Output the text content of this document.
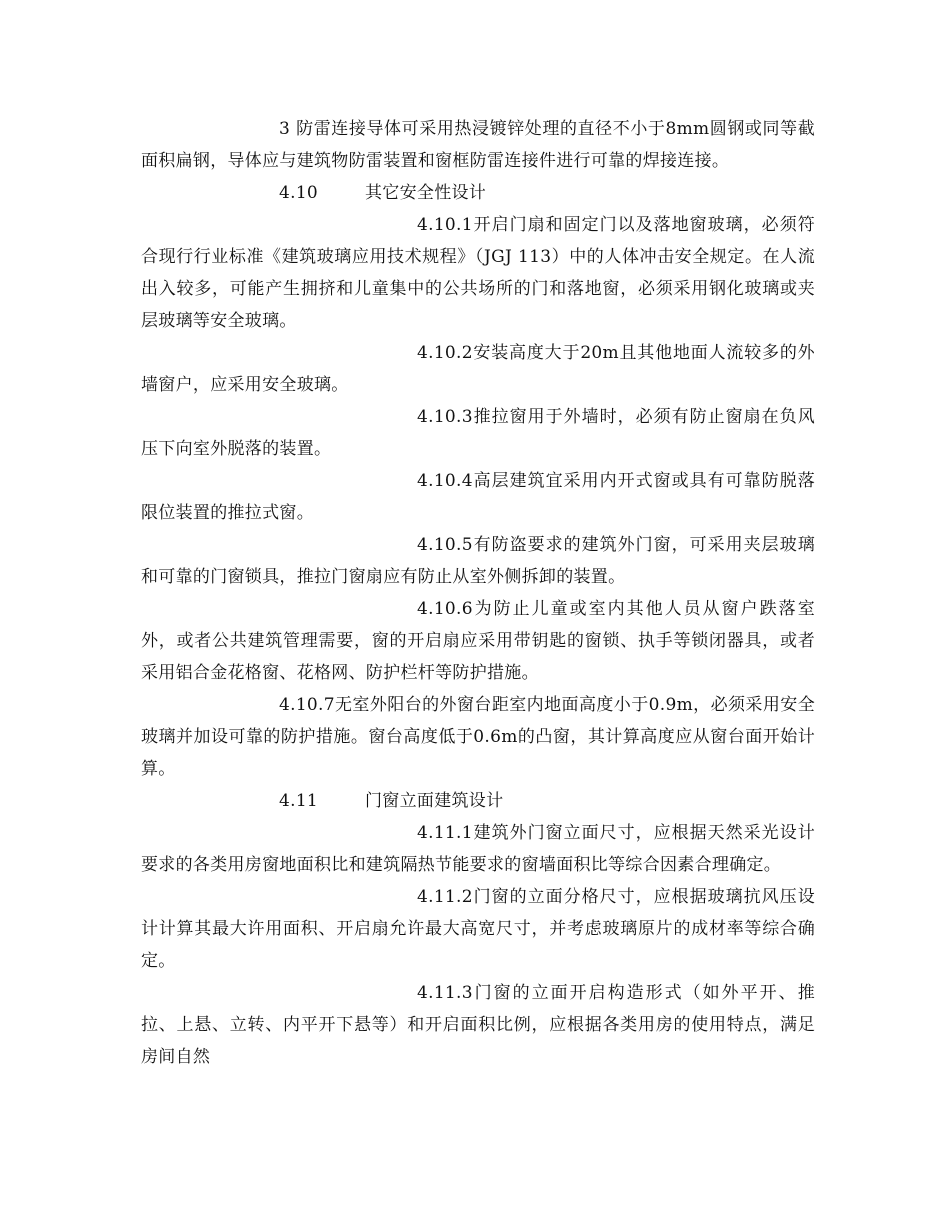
3 防雷连接导体可采用热浸镀锌处理的直径不小于8mm圆钢或同等截面积扁钢，导体应与建筑物防雷装置和窗框防雷连接件进行可靠的焊接连接。

4.10	其它安全性设计

4.10.1开启门扇和固定门以及落地窗玻璃，必须符合现行行业标准《建筑玻璃应用技术规程》（JGJ 113）中的人体冲击安全规定。在人流出入较多，可能产生拥挤和儿童集中的公共场所的门和落地窗，必须采用钢化玻璃或夹层玻璃等安全玻璃。

4.10.2安装高度大于20m且其他地面人流较多的外墙窗户，应采用安全玻璃。

4.10.3推拉窗用于外墙时，必须有防止窗扇在负风压下向室外脱落的装置。

4.10.4高层建筑宜采用内开式窗或具有可靠防脱落限位装置的推拉式窗。

4.10.5有防盗要求的建筑外门窗，可采用夹层玻璃和可靠的门窗锁具，推拉门窗扇应有防止从室外侧拆卸的装置。

4.10.6为防止儿童或室内其他人员从窗户跌落室外，或者公共建筑管理需要，窗的开启扇应采用带钥匙的窗锁、执手等锁闭器具，或者采用铝合金花格窗、花格网、防护栏杆等防护措施。

4.10.7无室外阳台的外窗台距室内地面高度小于0.9m，必须采用安全玻璃并加设可靠的防护措施。窗台高度低于0.6m的凸窗，其计算高度应从窗台面开始计算。

4.11	门窗立面建筑设计

4.11.1建筑外门窗立面尺寸，应根据天然采光设计要求的各类用房窗地面积比和建筑隔热节能要求的窗墙面积比等综合因素合理确定。

4.11.2门窗的立面分格尺寸，应根据玻璃抗风压设计计算其最大许用面积、开启扇允许最大高宽尺寸，并考虑玻璃原片的成材率等综合确定。

4.11.3门窗的立面开启构造形式（如外平开、推拉、上悬、立转、内平开下悬等）和开启面积比例，应根据各类用房的使用特点，满足房间自然
